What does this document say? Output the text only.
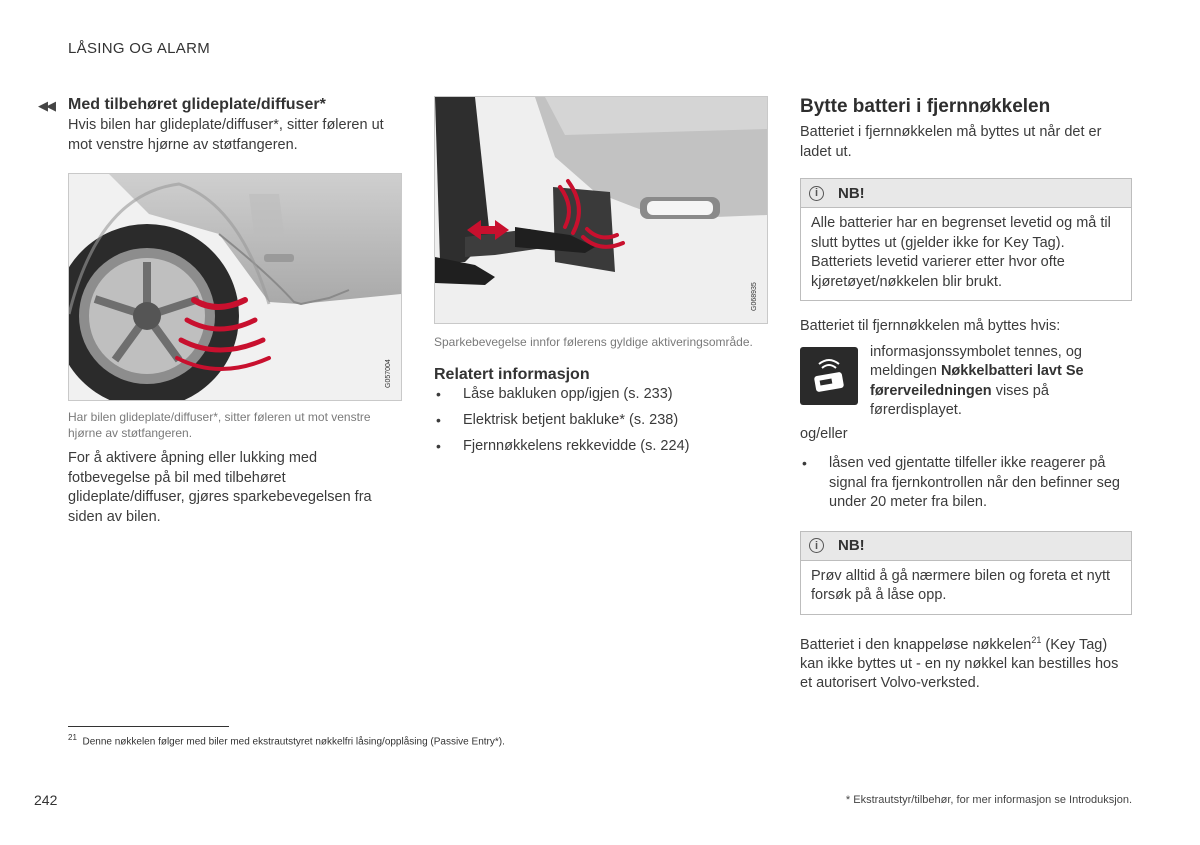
LÅSING OG ALARM
◀◀ Med tilbehøret glideplate/diffuser*

Hvis bilen har glideplate/diffuser*, sitter føleren ut mot venstre hjørne av støtfangeren.

G057004

Har bilen glideplate/diffuser*, sitter føleren ut mot venstre hjørne av støtfangeren.

For å aktivere åpning eller lukking med fotbevegelse på bil med tilbehøret glideplate/diffuser, gjøres sparkebevegelsen fra siden av bilen.

G068935

Sparkebevegelse innfor følerens gyldige aktiveringsområde.

Relatert informasjon
• Låse bakluken opp/igjen (s. 233)
• Elektrisk betjent bakluke* (s. 238)
• Fjernnøkkelens rekkevidde (s. 224)
Bytte batteri i fjernnøkkelen

Batteriet i fjernnøkkelen må byttes ut når det er ladet ut.

i	NB!

Alle batterier har en begrenset levetid og må til slutt byttes ut (gjelder ikke for Key Tag). Batteriets levetid varierer etter hvor ofte kjøretøyet/nøkkelen blir brukt.

Batteriet til fjernnøkkelen må byttes hvis:

informasjonssymbolet tennes, og meldingen Nøkkelbatteri lavt Se førerveiledningen vises på førerdisplayet.

og/eller

• låsen ved gjentatte tilfeller ikke reagerer på signal fra fjernkontrollen når den befinner seg under 20 meter fra bilen.

i	NB!

Prøv alltid å gå nærmere bilen og foreta et nytt forsøk på å låse opp.

Batteriet i den knappeløse nøkkelen$^{21}$ (Key Tag) kan ikke byttes ut - en ny nøkkel kan bestilles hos et autorisert Volvo-verksted.

$^{21}$ Denne nøkkelen følger med biler med ekstrautstyret nøkkelfri låsing/opplåsing (Passive Entry*).
242	* Ekstrautstyr/tilbehør, for mer informasjon se Introduksjon.
